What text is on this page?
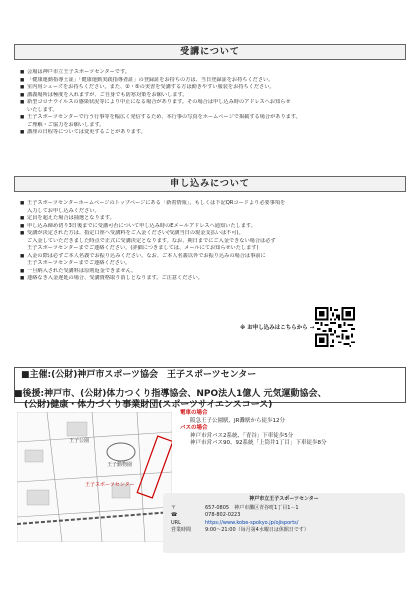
受講について
■ 会場は神戸市立王子スポーツセンターです。
■ 「健康運動指導士証」「健康運動実践指導者証」の登録証をお持ちの方は、当日登録証をお持ちください。
■ 室内用シューズをお持ちください。また、②・⑤の実習を受講する方は動きやすい服装をお持ちください。
■ 講義場所は極度を入れますが、ご自身でも防寒対策をお願いします。
■ 新型コロナウイルスの感染状況等により中止になる場合があります。その場合は申し込み時のアドレスへお知らせ
いたします。
■ 王子スポーツセンターで行う行事等を幅広く発信するため、本行事の写真をホームページで掲載する場合があります。
ご理解・ご協力をお願いします。
■ 講座の日程等については変更することがあります。
申し込みについて
■ 王子スポーツセンターホームページのトップページにある「新着情報」、もしくは下記QRコードより必要事項を
入力してお申し込みください。
■ 定員を超えた場合は抽選となります。
■ 申し込み締め切り3日後までに受講可否について申し込み時のEメールアドレスへ通知いたします。
■ 受講が決定された方は、指定口座へ受講料をご入金ください(受講当日の現金支払いは不可)。
ご入金していただきました時点で正式に受講決定となります。なお、期日までにご入金できない場合は必ず
王子スポーツセンターまでご連絡ください。(詳細につきましては、メールにてお知らせいたします)
■ 入金の際は必ずご本人名義でお振り込みください。なお、ご本人名義以外でお振り込みの場合は事前に
王子スポーツセンターまでご連絡ください。
■ 一旦納入された受講料は原則返金できません。
■ 連絡なき入金遅延の場合、受講資格取り消しとなります。ご注意ください。
※ お申し込みはこちらから →
■主催:(公財)神戸市スポーツ協会　王子スポーツセンター
■後援:神戸市、(公財)体力つくり指導協会、NPO法人1億人 元気運動協会、
(公財)健康・体力づくり事業財団(スポーツサイエンスコース)
王子公園
王子動物園
王子スポーツセンター
電車の場合
阪急王子公園駅、JR灘駅から徒歩12分
バスの場合
神戸市営バス2系統、「青谷」下車徒歩5分
神戸市営バス90、92系統「上筒井1丁目」下車徒歩8分
神戸市立王子スポーツセンター
〒	657-0805　神戸市灘区青谷町1丁目1－1
☎	078-802-0223
URL	https://www.kobe-spokyo.jp/ojisports/
営業時間	9:00～21:00（毎月第4水曜日は休館日です）
